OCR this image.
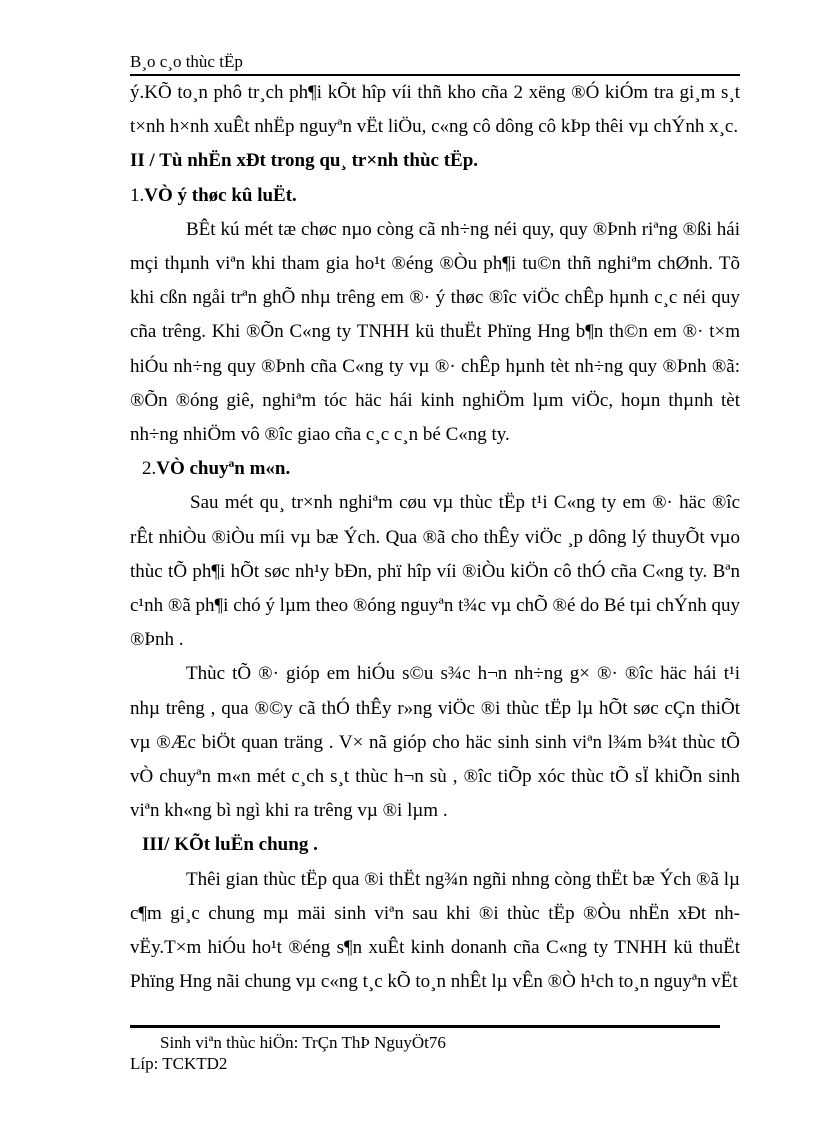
B¸o c¸o thùc tËp

ý.KÕ to¸n phô tr¸ch ph¶i kÕt hîp víi thñ kho cña 2 xëng ®Ó kiÓm tra gi¸m s¸t t×nh h×nh xuÊt nhËp nguyªn vËt liÖu, c«ng cô dông cô kÞp thêi vµ chÝnh x¸c.

II / Tù nhËn xÐt trong qu¸ tr×nh thùc tËp.

1.VÒ ý thøc kû luËt.

BÊt kú mét tæ chøc nµo còng cã nh÷ng néi quy, quy ®Þnh riªng ®ßi hái mçi thµnh viªn khi tham gia ho¹t ®éng ®Òu ph¶i tu©n thñ nghiªm chØnh. Tõ khi cßn ngåi trªn ghÕ nhµ trêng em ®· ý thøc ®îc viÖc chÊp hµnh c¸c néi quy cña trêng. Khi ®Õn C«ng ty TNHH kü thuËt Phïng Hng b¶n th©n em ®· t×m hiÓu nh÷ng quy ®Þnh cña C«ng ty vµ ®· chÊp hµnh tèt nh÷ng quy ®Þnh ®ã: ®Õn ®óng giê, nghiªm tóc häc hái kinh nghiÖm lµm viÖc, hoµn thµnh tèt nh÷ng nhiÖm vô ®îc giao cña c¸c c¸n bé C«ng ty.

2.VÒ chuyªn m«n.

Sau mét qu¸ tr×nh nghiªm cøu vµ thùc tËp t¹i C«ng ty em ®· häc ®îc rÊt nhiÒu ®iÒu míi vµ bæ Ých. Qua ®ã cho thÊy viÖc ¸p dông lý thuyÕt vµo thùc tÕ ph¶i hÕt søc nh¹y bÐn, phï hîp víi ®iÒu kiÖn cô thÓ cña C«ng ty. Bªn c¹nh ®ã ph¶i chó ý lµm theo ®óng nguyªn t¾c vµ chÕ ®é do Bé tµi chÝnh quy ®Þnh .

Thùc tÕ ®· gióp em hiÓu s©u s¾c h¬n nh÷ng g× ®· ®îc häc hái t¹i nhµ trêng , qua ®©y cã thÓ thÊy r»ng viÖc ®i thùc tËp lµ hÕt søc cÇn thiÕt vµ ®Æc biÖt quan träng . V× nã gióp cho häc sinh sinh viªn l¾m b¾t thùc tÕ vÒ chuyªn m«n mét c¸ch s¸t thùc h¬n sù , ®îc tiÕp xóc thùc tÕ sÏ khiÕn sinh viªn kh«ng bì ngì khi ra trêng vµ ®i lµm .

III/ KÕt luËn chung .

Thêi gian thùc tËp qua ®i thËt ng¾n ngñi nhng còng thËt bæ Ých ®ã lµ c¶m gi¸c chung mµ mäi sinh viªn sau khi ®i thùc tËp ®Òu nhËn xÐt nh vËy.T×m hiÓu ho¹t ®éng s¶n xuÊt kinh donanh cña C«ng ty TNHH kü thuËt Phïng Hng nãi chung vµ c«ng t¸c kÕ to¸n nhÊt lµ vÊn ®Ò h¹ch to¸n nguyªn vËt

Sinh viªn thùc hiÖn: TrÇn ThÞ NguyÖt76
Líp: TCKTD2
